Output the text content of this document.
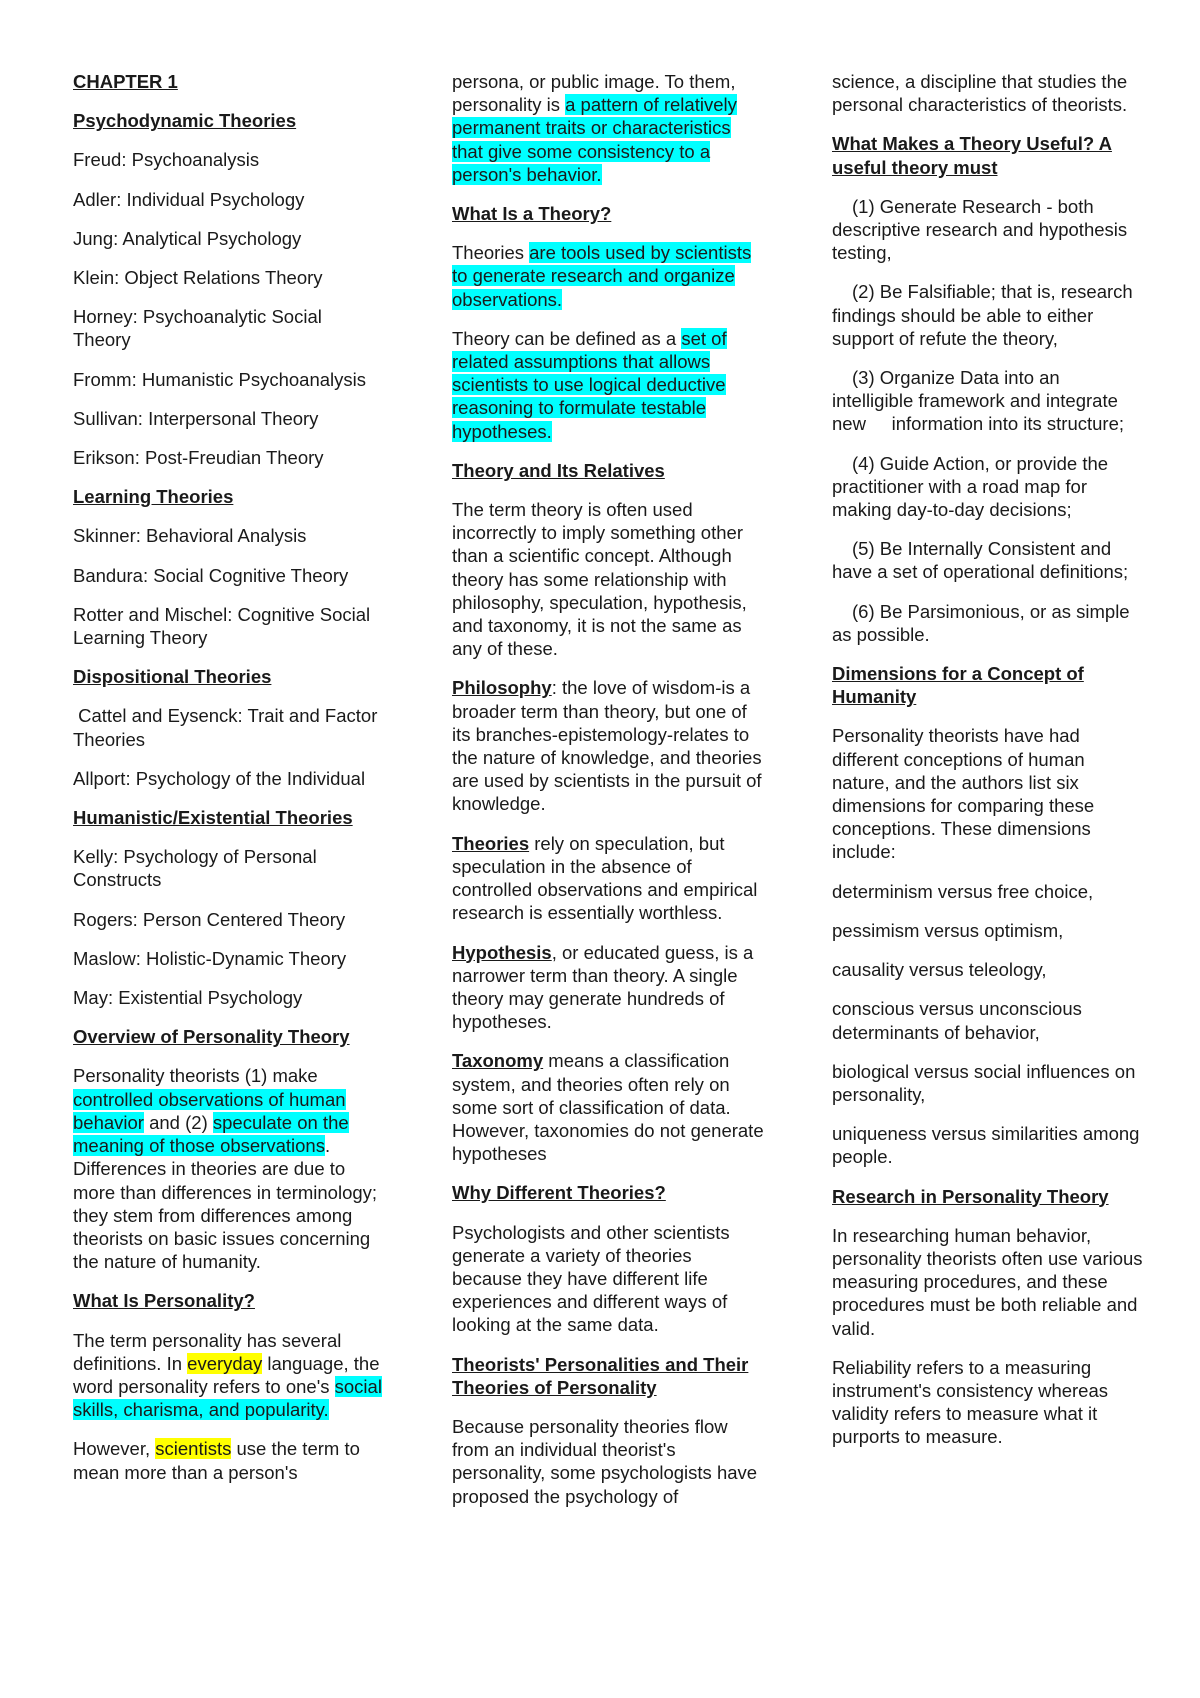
CHAPTER 1

Psychodynamic Theories

Freud: Psychoanalysis

Adler: Individual Psychology

Jung: Analytical Psychology

Klein: Object Relations Theory

Horney: Psychoanalytic Social Theory

Fromm: Humanistic Psychoanalysis

Sullivan: Interpersonal Theory

Erikson: Post-Freudian Theory

Learning Theories

Skinner: Behavioral Analysis

Bandura: Social Cognitive Theory

Rotter and Mischel: Cognitive Social Learning Theory

Dispositional Theories

Cattel and Eysenck: Trait and Factor Theories

Allport: Psychology of the Individual

Humanistic/Existential Theories

Kelly: Psychology of Personal Constructs

Rogers: Person Centered Theory

Maslow: Holistic-Dynamic Theory

May: Existential Psychology

Overview of Personality Theory

Personality theorists (1) make controlled observations of human behavior and (2) speculate on the meaning of those observations. Differences in theories are due to more than differences in terminology; they stem from differences among theorists on basic issues concerning the nature of humanity.

What Is Personality?

The term personality has several definitions. In everyday language, the word personality refers to one's social skills, charisma, and popularity.

However, scientists use the term to mean more than a person's

persona, or public image. To them, personality is a pattern of relatively permanent traits or characteristics that give some consistency to a person's behavior.

What Is a Theory?

Theories are tools used by scientists to generate research and organize observations.

Theory can be defined as a set of related assumptions that allows scientists to use logical deductive reasoning to formulate testable hypotheses.

Theory and Its Relatives

The term theory is often used incorrectly to imply something other than a scientific concept. Although theory has some relationship with philosophy, speculation, hypothesis, and taxonomy, it is not the same as any of these.

Philosophy: the love of wisdom-is a broader term than theory, but one of its branches-epistemology-relates to the nature of knowledge, and theories are used by scientists in the pursuit of knowledge.

Theories rely on speculation, but speculation in the absence of controlled observations and empirical research is essentially worthless.

Hypothesis, or educated guess, is a narrower term than theory. A single theory may generate hundreds of hypotheses.

Taxonomy means a classification system, and theories often rely on some sort of classification of data. However, taxonomies do not generate hypotheses

Why Different Theories?

Psychologists and other scientists generate a variety of theories because they have different life experiences and different ways of looking at the same data.

Theorists' Personalities and Their Theories of Personality

Because personality theories flow from an individual theorist's personality, some psychologists have proposed the psychology of

science, a discipline that studies the personal characteristics of theorists.

What Makes a Theory Useful? A useful theory must

(1) Generate Research - both descriptive research and hypothesis     testing,

(2) Be Falsifiable; that is, research findings should be able to either     support of refute the theory,

(3) Organize Data into an intelligible framework and integrate new     information into its structure;

(4) Guide Action, or provide the practitioner with a road map for making day-to-day decisions;

(5) Be Internally Consistent and have a set of operational definitions;

(6) Be Parsimonious, or as simple as possible.

Dimensions for a Concept of Humanity

Personality theorists have had different conceptions of human nature, and the authors list six dimensions for comparing these conceptions. These dimensions include:

determinism versus free choice,

pessimism versus optimism,

causality versus teleology,

conscious versus unconscious determinants of behavior,

biological versus social influences on personality,

uniqueness versus similarities among people.

Research in Personality Theory

In researching human behavior, personality theorists often use various measuring procedures, and these procedures must be both reliable and valid.

Reliability refers to a measuring instrument's consistency whereas validity refers to measure what it purports to measure.
